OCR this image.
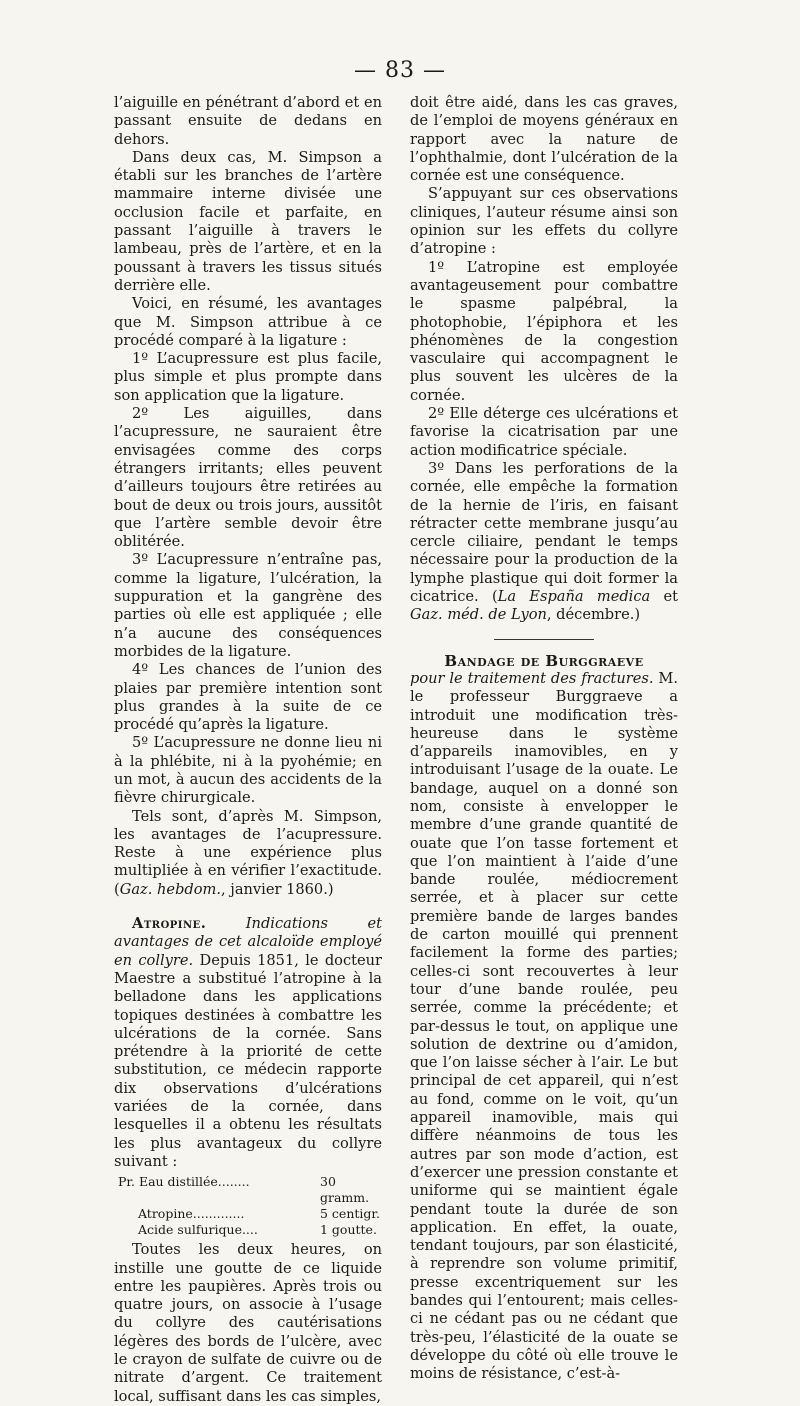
— 83 —

l’aiguille en pénétrant d’abord et en passant ensuite de dedans en dehors.

Dans deux cas, M. Simpson a établi sur les branches de l’artère mammaire interne divisée une occlusion facile et parfaite, en passant l’aiguille à travers le lambeau, près de l’artère, et en la poussant à travers les tissus situés derrière elle.

Voici, en résumé, les avantages que M. Simpson attribue à ce procédé comparé à la ligature :

1º L’acupressure est plus facile, plus simple et plus prompte dans son application que la ligature.

2º Les aiguilles, dans l’acupressure, ne sauraient être envisagées comme des corps étrangers irritants; elles peuvent d’ailleurs toujours être retirées au bout de deux ou trois jours, aussitôt que l’artère semble devoir être oblitérée.

3º L’acupressure n’entraîne pas, comme la ligature, l’ulcération, la suppuration et la gangrène des parties où elle est appliquée ; elle n’a aucune des conséquences morbides de la ligature.

4º Les chances de l’union des plaies par première intention sont plus grandes à la suite de ce procédé qu’après la ligature.

5º L’acupressure ne donne lieu ni à la phlébite, ni à la pyohémie; en un mot, à aucun des accidents de la fièvre chirurgicale.

Tels sont, d’après M. Simpson, les avantages de l’acupressure. Reste à une expérience plus multipliée à en vérifier l’exactitude. (Gaz. hebdom., janvier 1860.)

Atropine.	Indications et avantages de cet alcaloïde employé en collyre. Depuis 1851, le docteur Maestre a substitué l’atropine à la belladone dans les applications topiques destinées à combattre les ulcérations de la cornée. Sans prétendre à la priorité de cette substitution, ce médecin rapporte dix observations d’ulcérations variées de la cornée, dans lesquelles il a obtenu les résultats les plus avantageux du collyre suivant :

Pr. Eau distillée........	30 gramm.
Atropine.............	5 centigr.
Acide sulfurique....	1 goutte.

Toutes les deux heures, on instille une goutte de ce liquide entre les paupières. Après trois ou quatre jours, on associe à l’usage du collyre des cautérisations légères des bords de l’ulcère, avec le crayon de sulfate de cuivre ou de nitrate d’argent. Ce traitement local, suffisant dans les cas simples,

doit être aidé, dans les cas graves, de l’emploi de moyens généraux en rapport avec la nature de l’ophthalmie, dont l’ulcération de la cornée est une conséquence.

S’appuyant sur ces observations cliniques, l’auteur résume ainsi son opinion sur les effets du collyre d’atropine :

1º L’atropine est employée avantageusement pour combattre le spasme palpébral, la photophobie, l’épiphora et les phénomènes de la congestion vasculaire qui accompagnent le plus souvent les ulcères de la cornée.

2º Elle déterge ces ulcérations et favorise la cicatrisation par une action modificatrice spéciale.

3º Dans les perforations de la cornée, elle empêche la formation de la hernie de l’iris, en faisant rétracter cette membrane jusqu’au cercle ciliaire, pendant le temps nécessaire pour la production de la lymphe plastique qui doit former la cicatrice. (La España medica et Gaz. méd. de Lyon, décembre.)

Bandage de Burggraeve

pour le traitement des fractures. M. le professeur Burggraeve a introduit une modification très-heureuse dans le système d’appareils inamovibles, en y introduisant l’usage de la ouate. Le bandage, auquel on a donné son nom, consiste à envelopper le membre d’une grande quantité de ouate que l’on tasse fortement et que l’on maintient à l’aide d’une bande roulée, médiocrement serrée, et à placer sur cette première bande de larges bandes de carton mouillé qui prennent facilement la forme des parties; celles-ci sont recouvertes à leur tour d’une bande roulée, peu serrée, comme la précédente; et par-dessus le tout, on applique une solution de dextrine ou d’amidon, que l’on laisse sécher à l’air. Le but principal de cet appareil, qui n’est au fond, comme on le voit, qu’un appareil inamovible, mais qui diffère néanmoins de tous les autres par son mode d’action, est d’exercer une pression constante et uniforme qui se maintient égale pendant toute la durée de son application. En effet, la ouate, tendant toujours, par son élasticité, à reprendre son volume primitif, presse excentriquement sur les bandes qui l’entourent; mais celles-ci ne cédant pas ou ne cédant que très-peu, l’élasticité de la ouate se développe du côté où elle trouve le moins de résistance, c’est-à-
